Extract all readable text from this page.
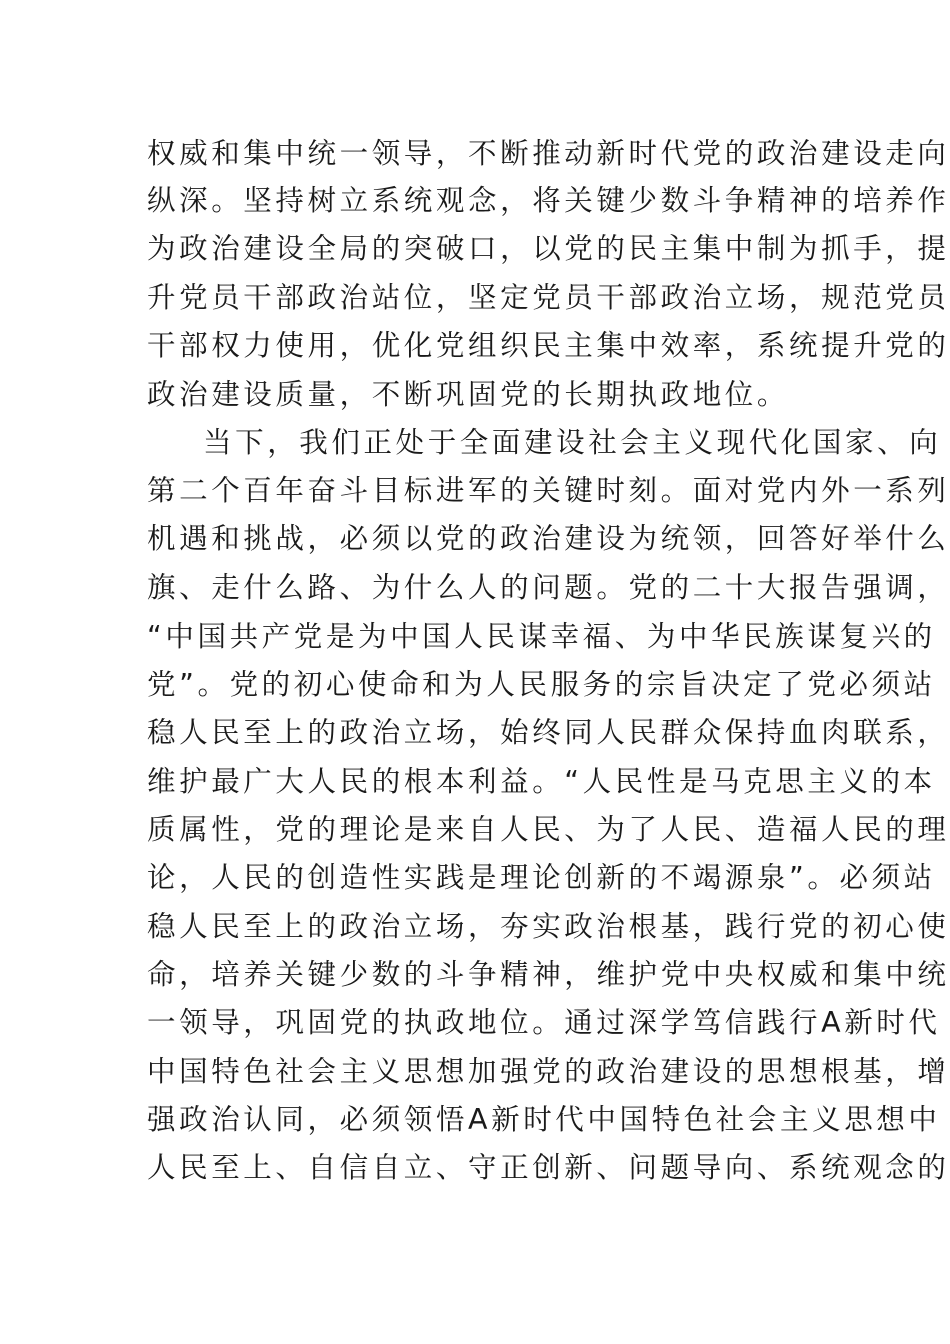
权威和集中统一领导，不断推动新时代党的政治建设走向
纵深。坚持树立系统观念，将关键少数斗争精神的培养作
为政治建设全局的突破口，以党的民主集中制为抓手，提
升党员干部政治站位，坚定党员干部政治立场，规范党员
干部权力使用，优化党组织民主集中效率，系统提升党的
政治建设质量，不断巩固党的长期执政地位。
当下，我们正处于全面建设社会主义现代化国家、向
第二个百年奋斗目标进军的关键时刻。面对党内外一系列
机遇和挑战，必须以党的政治建设为统领，回答好举什么
旗、走什么路、为什么人的问题。党的二十大报告强调，
“中国共产党是为中国人民谋幸福、为中华民族谋复兴的
党”。党的初心使命和为人民服务的宗旨决定了党必须站
稳人民至上的政治立场，始终同人民群众保持血肉联系，
维护最广大人民的根本利益。“人民性是马克思主义的本
质属性，党的理论是来自人民、为了人民、造福人民的理
论，人民的创造性实践是理论创新的不竭源泉”。必须站
稳人民至上的政治立场，夯实政治根基，践行党的初心使
命，培养关键少数的斗争精神，维护党中央权威和集中统
一领导，巩固党的执政地位。通过深学笃信践行A新时代
中国特色社会主义思想加强党的政治建设的思想根基，增
强政治认同，必须领悟A新时代中国特色社会主义思想中
人民至上、自信自立、守正创新、问题导向、系统观念的
